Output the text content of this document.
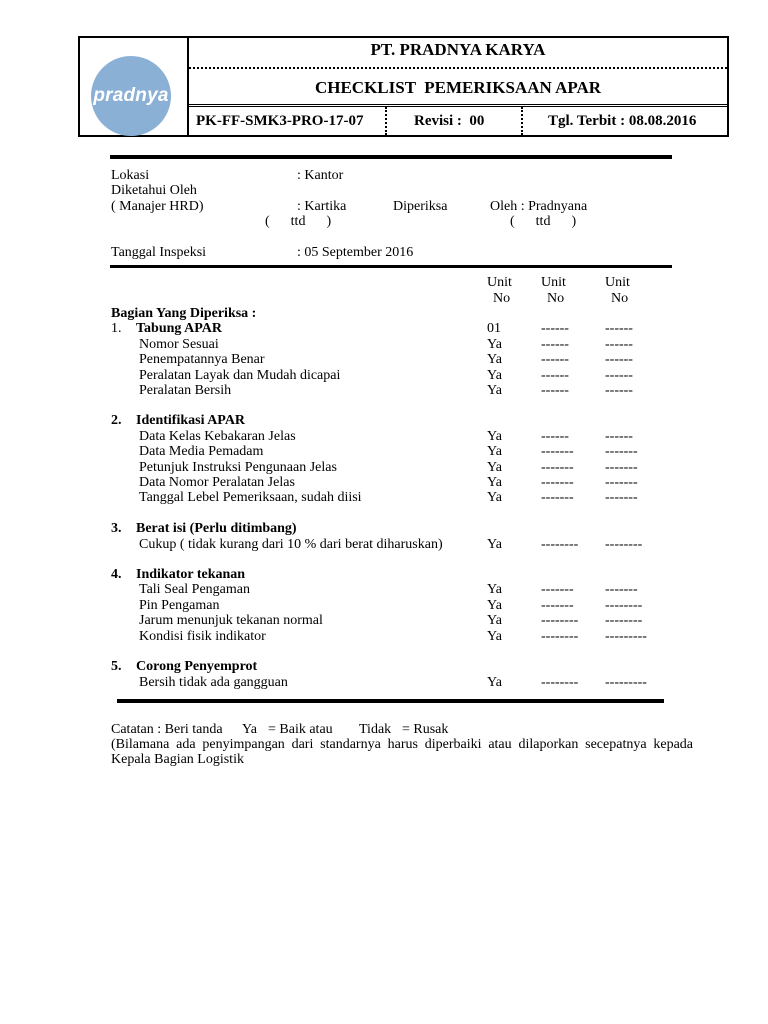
pradnya
PT. PRADNYA KARYA
CHECKLIST  PEMERIKSAAN APAR
PK-FF-SMK3-PRO-17-07	Revisi :  00	Tgl. Terbit : 08.08.2016
Lokasi	: Kantor
Diketahui Oleh
( Manajer HRD)	: Kartika	Diperiksa	Oleh : Pradnyana
(      ttd      )	(      ttd      )
Tanggal Inspeksi	: 05 September 2016
Unit Unit	Unit
No	No	No
Bagian Yang Diperiksa :
1. Tabung APAR	01	------	------
Nomor Sesuai	Ya	------	------
Penempatannya Benar	Ya	------	------
Peralatan Layak dan Mudah dicapai	Ya	------	------
Peralatan Bersih	Ya	------	------
2. Identifikasi APAR
Data Kelas Kebakaran Jelas	Ya	------	------
Data Media Pemadam	Ya	------- -------
Petunjuk Instruksi Pengunaan Jelas	Ya	------- -------
Data Nomor Peralatan Jelas	Ya	------- -------
Tanggal Lebel Pemeriksaan, sudah diisi	Ya	------- -------
3. Berat isi (Perlu ditimbang)
Cukup ( tidak kurang dari 10 % dari berat diharuskan)	Ya	-------- --------
4. Indikator tekanan
Tali Seal Pengaman	Ya	------- -------
Pin Pengaman	Ya	------- --------
Jarum menunjuk tekanan normal	Ya	-------- --------
Kondisi fisik indikator	Ya	-------- ---------
5. Corong Penyemprot
Bersih tidak ada gangguan	Ya	-------- ---------
Catatan : Beri tanda Ya = Baik atau Tidak = Rusak
(Bilamana ada penyimpangan dari standarnya harus diperbaiki atau dilaporkan secepatnya kepada
Kepala Bagian Logistik
